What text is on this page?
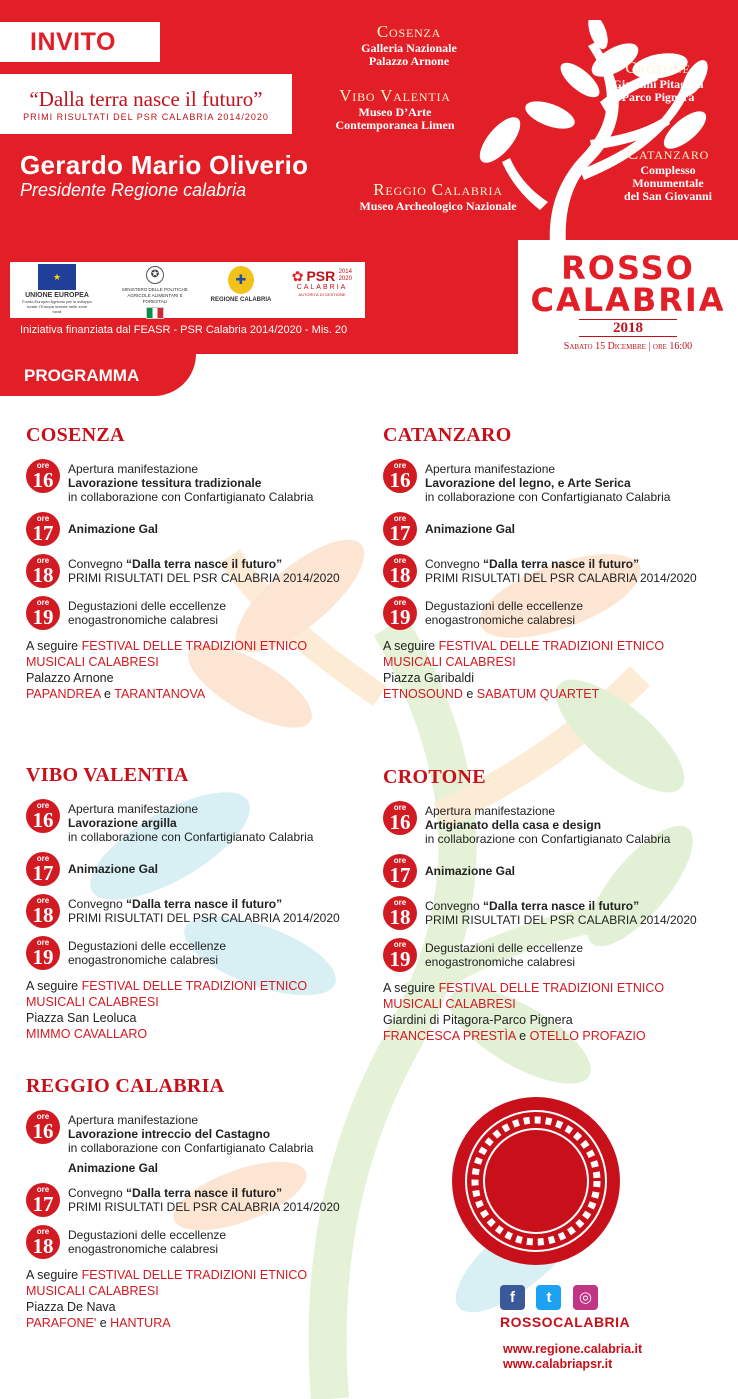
INVITO
“Dalla terra nasce il futuro”
PRIMI RISULTATI DEL PSR CALABRIA 2014/2020
Gerardo Mario Oliverio
Presidente Regione calabria
Cosenza
Galleria Nazionale
Palazzo Arnone
Vibo Valentia
Museo D’Arte
Contemporanea Limen
Reggio Calabria
Museo Archeologico Nazionale
Crotone
Giardini Pitagora
Parco Pignera
Catanzaro
Complesso
Monumentale
del San Giovanni
★
UNIONE EUROPEA
Fondo Europeo Agricolo per lo sviluppo rurale: l'Europa investe nelle zone rurali
✪
MINISTERO DELLE POLITICHE AGRICOLE ALIMENTARI E FORESTALI
✚
REGIONE CALABRIA
✿ PSR 2014 2020
CALABRIA
AUTORITÀ DI GESTIONE
Iniziativa finanziata dal FEASR - PSR Calabria 2014/2020 - Mis. 20
ROSSO
CALABRIA
2018
Sabato 15 Dicembre | ore 16:00
PROGRAMMA
COSENZA
ore
16	Apertura manifestazione
Lavorazione tessitura tradizionale
in collaborazione con Confartigianato Calabria
ore
17	Animazione Gal
ore
18	Convegno “Dalla terra nasce il futuro”
PRIMI RISULTATI DEL PSR CALABRIA 2014/2020
ore
19	Degustazioni delle eccellenze
enogastronomiche calabresi
A seguire FESTIVAL DELLE TRADIZIONI ETNICO
MUSICALI CALABRESI
Palazzo Arnone
PAPANDREA e TARANTANOVA
CATANZARO
ore
16	Apertura manifestazione
Lavorazione del legno, e Arte Serica
in collaborazione con Confartigianato Calabria
ore
17	Animazione Gal
ore
18	Convegno “Dalla terra nasce il futuro”
PRIMI RISULTATI DEL PSR CALABRIA 2014/2020
ore
19	Degustazioni delle eccellenze
enogastronomiche calabresi
A seguire FESTIVAL DELLE TRADIZIONI ETNICO
MUSICALI CALABRESI
Piazza Garibaldi
ETNOSOUND e SABATUM QUARTET
VIBO VALENTIA
ore
16	Apertura manifestazione
Lavorazione argilla
in collaborazione con Confartigianato Calabria
ore
17	Animazione Gal
ore
18	Convegno “Dalla terra nasce il futuro”
PRIMI RISULTATI DEL PSR CALABRIA 2014/2020
ore
19	Degustazioni delle eccellenze
enogastronomiche calabresi
A seguire FESTIVAL DELLE TRADIZIONI ETNICO
MUSICALI CALABRESI
Piazza San Leoluca
MIMMO CAVALLARO
CROTONE
ore
16	Apertura manifestazione
Artigianato della casa e design
in collaborazione con Confartigianato Calabria
ore
17	Animazione Gal
ore
18	Convegno “Dalla terra nasce il futuro”
PRIMI RISULTATI DEL PSR CALABRIA 2014/2020
ore
19	Degustazioni delle eccellenze
enogastronomiche calabresi
A seguire FESTIVAL DELLE TRADIZIONI ETNICO
MUSICALI CALABRESI
Giardini di Pitagora-Parco Pignera
FRANCESCA PRESTÌA e OTELLO PROFAZIO
REGGIO CALABRIA
ore
16	Apertura manifestazione
Lavorazione intreccio del Castagno
in collaborazione con Confartigianato Calabria
Animazione Gal
ore
17	Convegno “Dalla terra nasce il futuro”
PRIMI RISULTATI DEL PSR CALABRIA 2014/2020
ore
18	Degustazioni delle eccellenze
enogastronomiche calabresi
A seguire FESTIVAL DELLE TRADIZIONI ETNICO
MUSICALI CALABRESI
Piazza De Nava
PARAFONE' e HANTURA
f t ◎
ROSSOCALABRIA
www.regione.calabria.it
www.calabriapsr.it
